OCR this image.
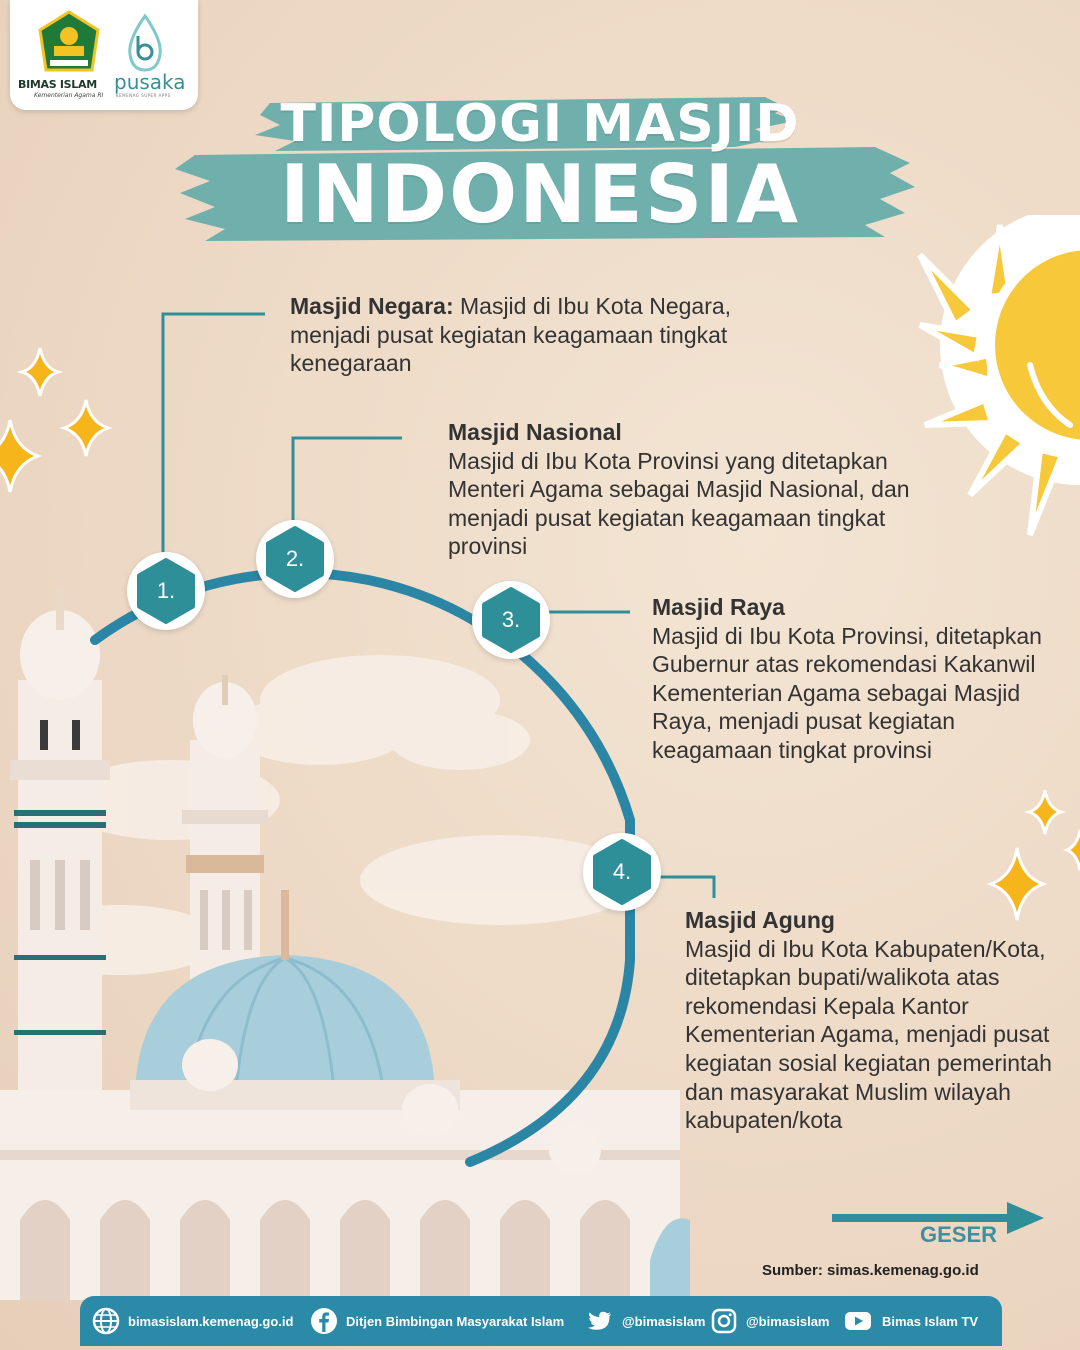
TIPOLOGI MASJID
INDONESIA
BIMAS ISLAM
Kementerian Agama RI
pusaka
KEMENAG SUPER APPS
1.
2.
3.
4.
Masjid Negara: Masjid di Ibu Kota Negara, menjadi pusat kegiatan keagamaan tingkat kenegaraan
Masjid Nasional
Masjid di Ibu Kota Provinsi yang ditetapkan Menteri Agama sebagai Masjid Nasional, dan menjadi pusat kegiatan keagamaan tingkat provinsi
Masjid Raya
Masjid di Ibu Kota Provinsi, ditetapkan Gubernur atas rekomendasi Kakanwil Kementerian Agama sebagai Masjid Raya, menjadi pusat kegiatan keagamaan tingkat provinsi
Masjid Agung
Masjid di Ibu Kota Kabupaten/Kota, ditetapkan bupati/walikota atas rekomendasi Kepala Kantor Kementerian Agama, menjadi pusat kegiatan sosial kegiatan pemerintah dan masyarakat Muslim wilayah kabupaten/kota
GESER
Sumber: simas.kemenag.go.id
bimasislam.kemenag.go.id	Ditjen Bimbingan Masyarakat Islam	@bimasislam	@bimasislam	Bimas Islam TV
